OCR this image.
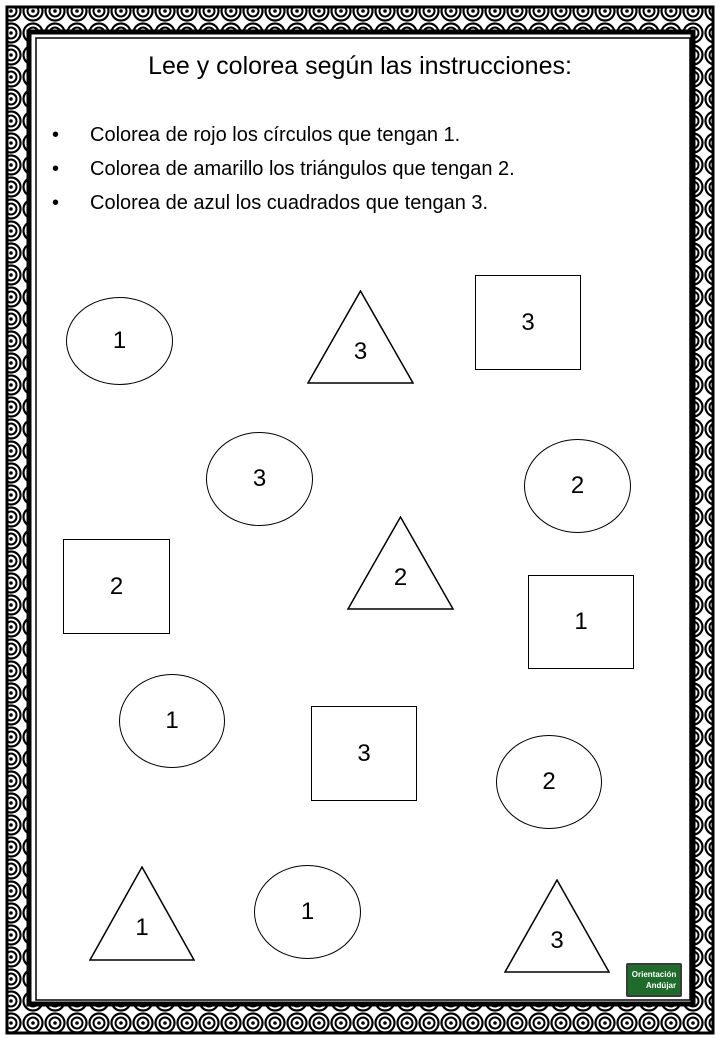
Lee y colorea según las instrucciones:
• Colorea de rojo los círculos que tengan 1.
• Colorea de amarillo los triángulos que tengan 2.
• Colorea de azul los cuadrados que tengan 3.
1	3
3
3	2
2	2
1
1
3
2
1
1
3
Orientación
Andújar
